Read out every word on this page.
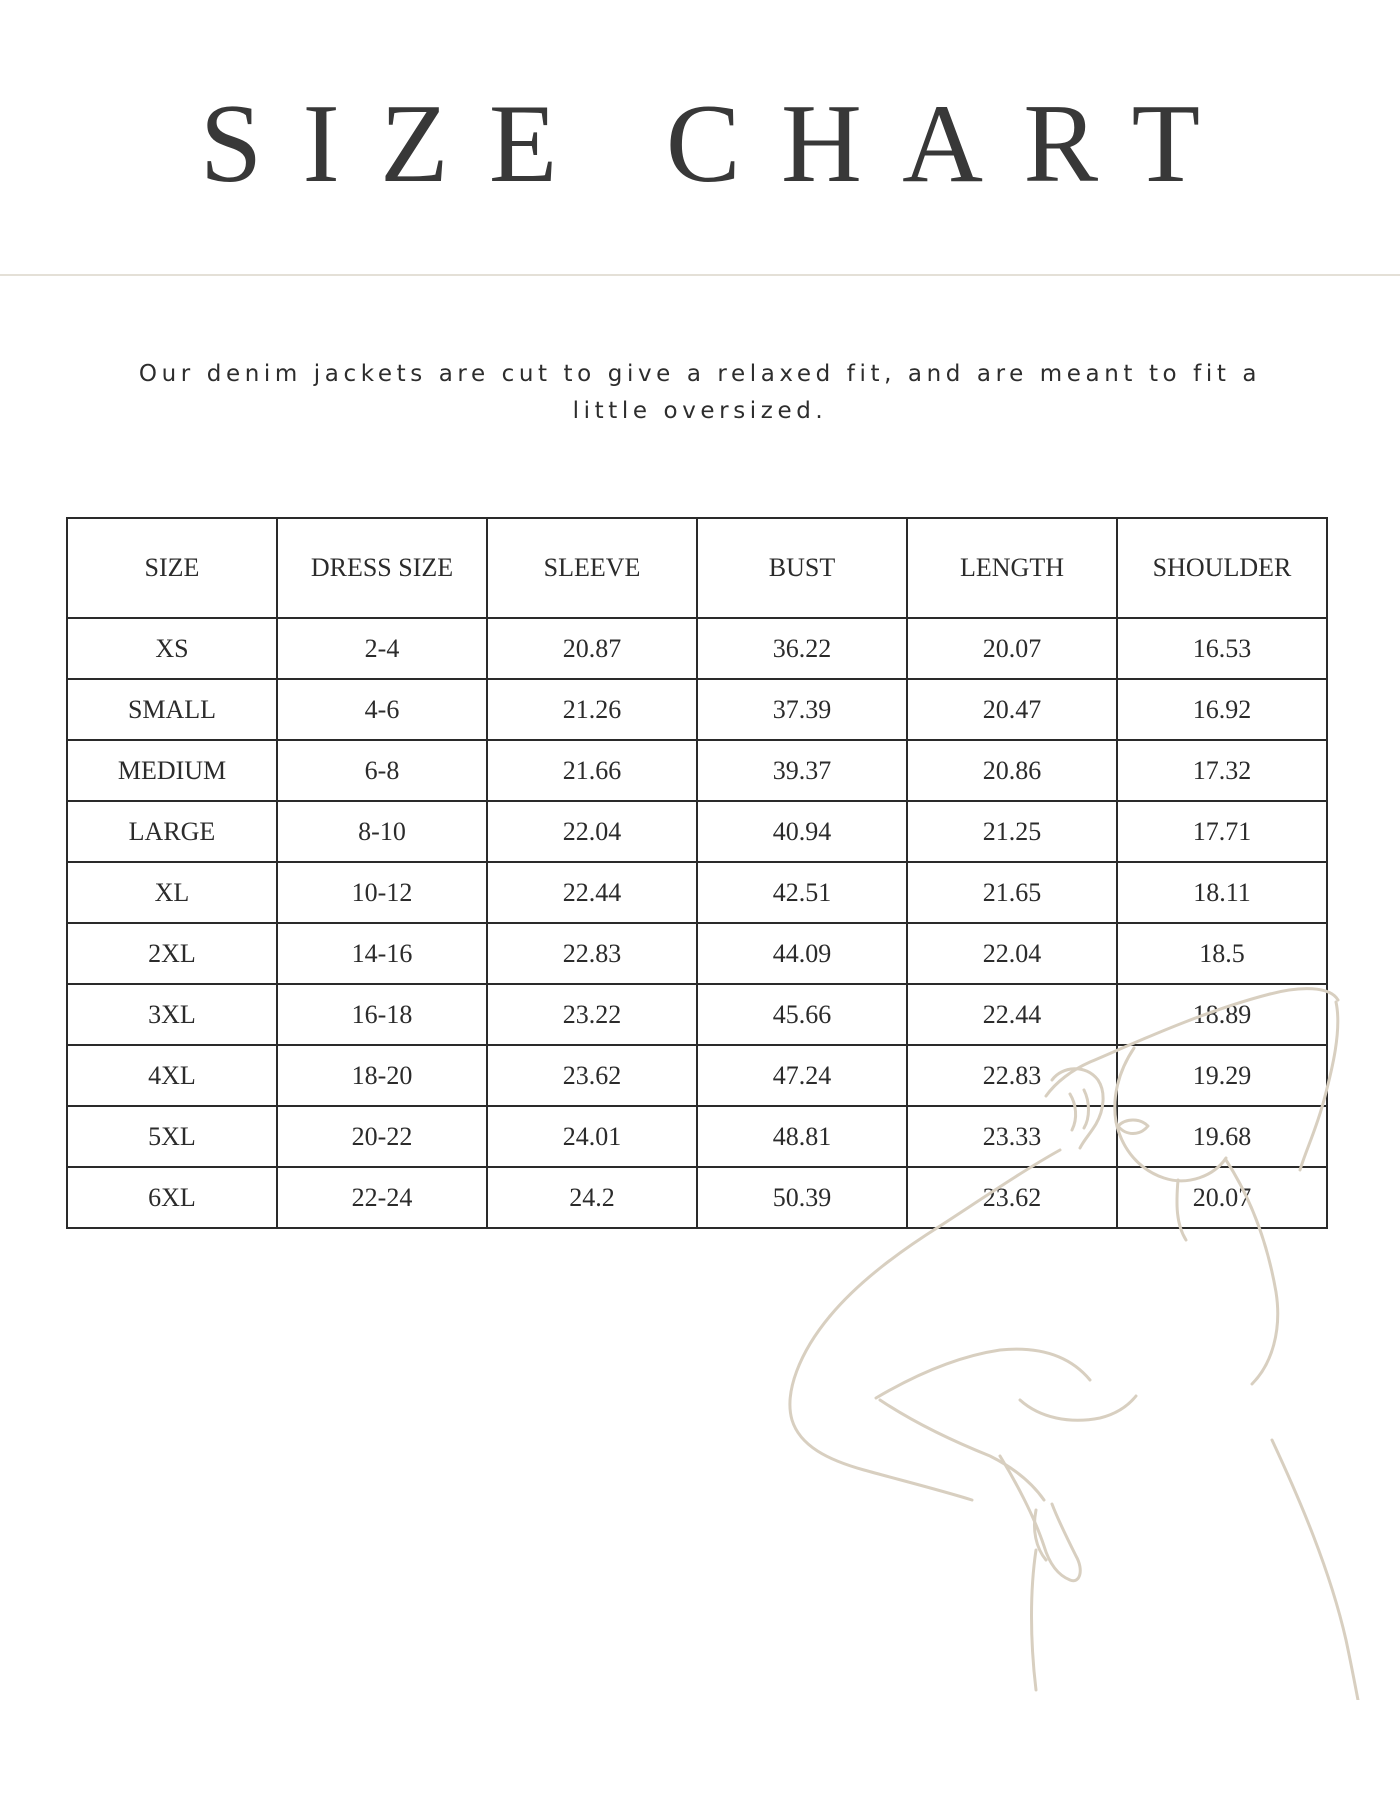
SIZE CHART

Our denim jackets are cut to give a relaxed fit, and are meant to fit a little oversized.

SIZE	DRESS SIZE	SLEEVE	BUST	LENGTH	SHOULDER
XS	2-4	20.87	36.22	20.07	16.53
SMALL	4-6	21.26	37.39	20.47	16.92
MEDIUM	6-8	21.66	39.37	20.86	17.32
LARGE	8-10	22.04	40.94	21.25	17.71
XL	10-12	22.44	42.51	21.65	18.11
2XL	14-16	22.83	44.09	22.04	18.5
3XL	16-18	23.22	45.66	22.44	18.89
4XL	18-20	23.62	47.24	22.83	19.29
5XL	20-22	24.01	48.81	23.33	19.68
6XL	22-24	24.2	50.39	23.62	20.07
